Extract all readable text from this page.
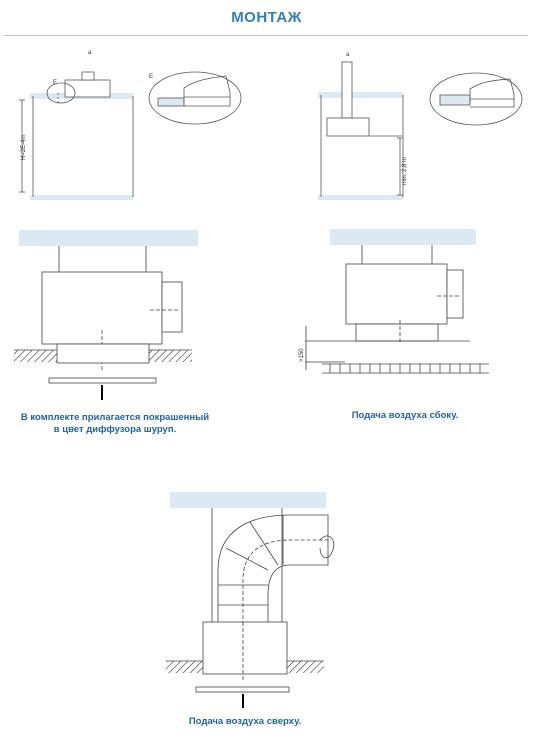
МОНТАЖ
a
E
E
H=2E-4m
a
min. 2,8 m
>150
В комплекте прилагается покрашенный
в цвет диффузора шуруп.
Подача воздуха сбоку.
Подача воздуха сверху.
